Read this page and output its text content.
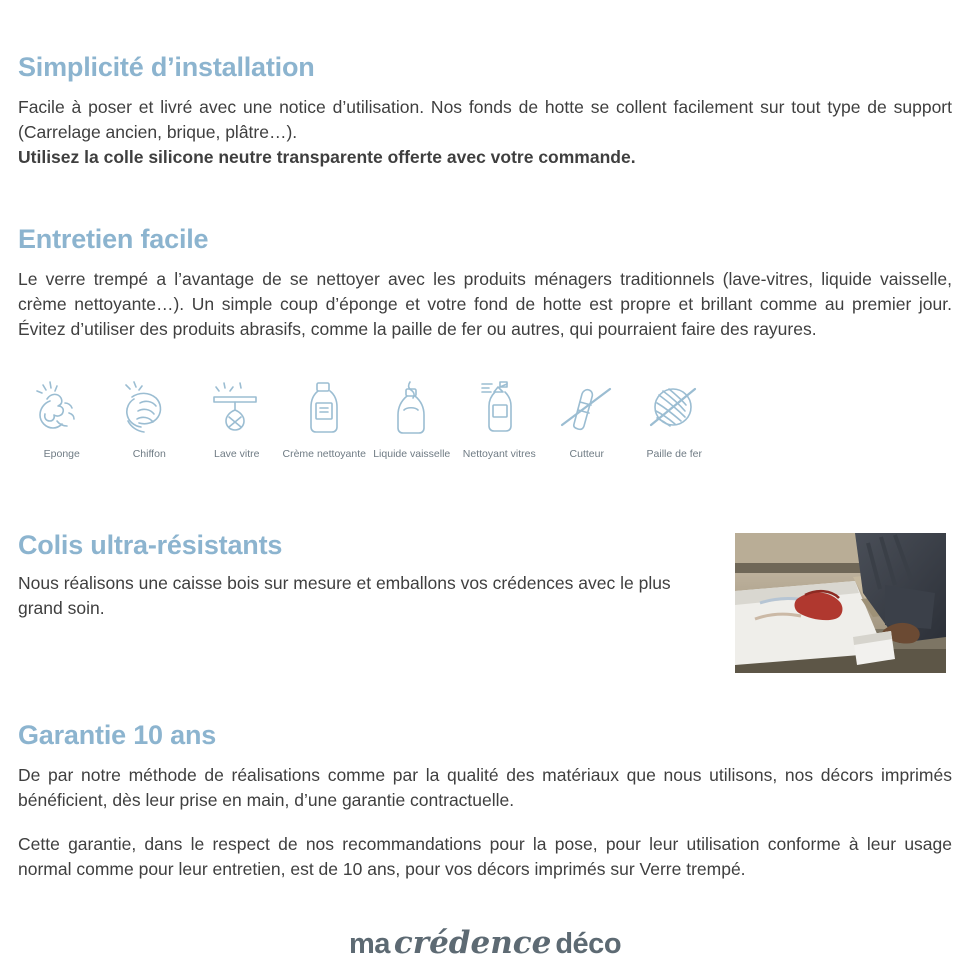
Simplicité d’installation

Facile à poser et livré avec une notice d’utilisation. Nos fonds de hotte se collent facilement sur tout type de support (Carrelage ancien, brique, plâtre…).

Utilisez la colle silicone neutre transparente offerte avec votre commande.

Entretien facile

Le verre trempé a l’avantage de se nettoyer avec les produits ménagers traditionnels (lave-vitres, liquide vaisselle, crème nettoyante…). Un simple coup d’éponge et votre fond de hotte est propre et brillant comme au premier jour. Évitez d’utiliser des produits abrasifs, comme la paille de fer ou autres, qui pourraient faire des rayures.

Eponge	Chiffon	Lave vitre	Crème nettoyante Liquide vaisselle	Nettoyant vitres	Cutteur	Paille de fer
Colis ultra-résistants

Nous réalisons une caisse bois sur mesure et emballons vos crédences avec le plus grand soin.

Garantie 10 ans

De par notre méthode de réalisations comme par la qualité des matériaux que nous utilisons, nos décors imprimés bénéficient, dès leur prise en main, d’une garantie contractuelle.

Cette garantie, dans le respect de nos recommandations pour la pose, pour leur utilisation conforme à leur usage normal comme pour leur entretien, est de 10 ans, pour vos décors imprimés sur Verre trempé.

ma crédence déco
